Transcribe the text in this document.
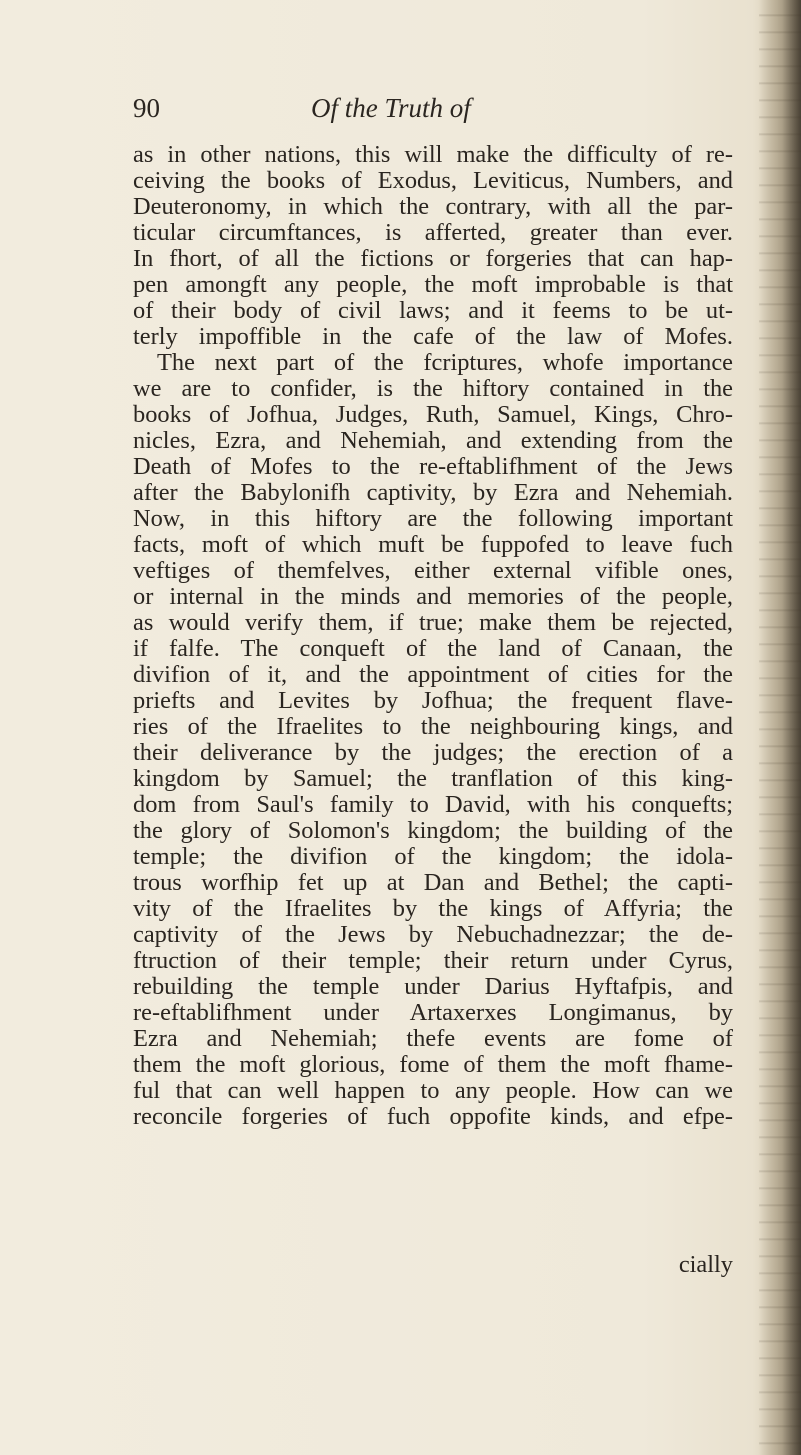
90	Of the Truth of
as in other nations, this will make the difficulty of re-
ceiving the books of Exodus, Leviticus, Numbers, and
Deuteronomy, in which the contrary, with all the par-
ticular circumftances, is afferted, greater than ever.
In fhort, of all the fictions or forgeries that can hap-
pen amongft any people, the moft improbable is that
of their body of civil laws; and it feems to be ut-
terly impoffible in the cafe of the law of Mofes.
The next part of the fcriptures, whofe importance
we are to confider, is the hiftory contained in the
books of Jofhua, Judges, Ruth, Samuel, Kings, Chro-
nicles, Ezra, and Nehemiah, and extending from the
Death of Mofes to the re-eftablifhment of the Jews
after the Babylonifh captivity, by Ezra and Nehemiah.
Now, in this hiftory are the following important
facts, moft of which muft be fuppofed to leave fuch
veftiges of themfelves, either external vifible ones,
or internal in the minds and memories of the people,
as would verify them, if true; make them be rejected,
if falfe. The conqueft of the land of Canaan, the
divifion of it, and the appointment of cities for the
priefts and Levites by Jofhua; the frequent flave-
ries of the Ifraelites to the neighbouring kings, and
their deliverance by the judges; the erection of a
kingdom by Samuel; the tranflation of this king-
dom from Saul's family to David, with his conquefts;
the glory of Solomon's kingdom; the building of the
temple; the divifion of the kingdom; the idola-
trous worfhip fet up at Dan and Bethel; the capti-
vity of the Ifraelites by the kings of Affyria; the
captivity of the Jews by Nebuchadnezzar; the de-
ftruction of their temple; their return under Cyrus,
rebuilding the temple under Darius Hyftafpis, and
re-eftablifhment under Artaxerxes Longimanus, by
Ezra and Nehemiah; thefe events are fome of
them the moft glorious, fome of them the moft fhame-
ful that can well happen to any people. How can we
reconcile forgeries of fuch oppofite kinds, and efpe-
cially
